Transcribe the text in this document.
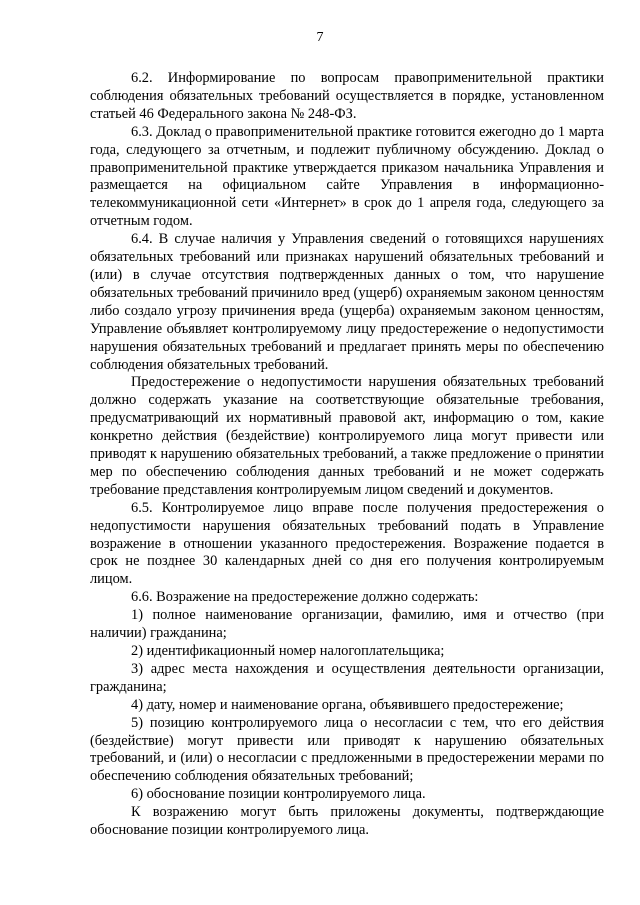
7

6.2. Информирование по вопросам правоприменительной практики соблюдения обязательных требований осуществляется в порядке, установленном статьей 46 Федерального закона № 248-ФЗ.

6.3. Доклад о правоприменительной практике готовится ежегодно до 1 марта года, следующего за отчетным, и подлежит публичному обсуждению. Доклад о правоприменительной практике утверждается приказом начальника Управления и размещается на официальном сайте Управления в информационно-телекоммуникационной сети «Интернет» в срок до 1 апреля года, следующего за отчетным годом.

6.4. В случае наличия у Управления сведений о готовящихся нарушениях обязательных требований или признаках нарушений обязательных требований и (или) в случае отсутствия подтвержденных данных о том, что нарушение обязательных требований причинило вред (ущерб) охраняемым законом ценностям либо создало угрозу причинения вреда (ущерба) охраняемым законом ценностям, Управление объявляет контролируемому лицу предостережение о недопустимости нарушения обязательных требований и предлагает принять меры по обеспечению соблюдения обязательных требований.

Предостережение о недопустимости нарушения обязательных требований должно содержать указание на соответствующие обязательные требования, предусматривающий их нормативный правовой акт, информацию о том, какие конкретно действия (бездействие) контролируемого лица могут привести или приводят к нарушению обязательных требований, а также предложение о принятии мер по обеспечению соблюдения данных требований и не может содержать требование представления контролируемым лицом сведений и документов.

6.5. Контролируемое лицо вправе после получения предостережения о недопустимости нарушения обязательных требований подать в Управление возражение в отношении указанного предостережения. Возражение подается в срок не позднее 30 календарных дней со дня его получения контролируемым лицом.

6.6. Возражение на предостережение должно содержать:

1) полное наименование организации, фамилию, имя и отчество (при наличии) гражданина;

2) идентификационный номер налогоплательщика;

3) адрес места нахождения и осуществления деятельности организации, гражданина;

4) дату, номер и наименование органа, объявившего предостережение;

5) позицию контролируемого лица о несогласии с тем, что его действия (бездействие) могут привести или приводят к нарушению обязательных требований, и (или) о несогласии с предложенными в предостережении мерами по обеспечению соблюдения обязательных требований;

6) обоснование позиции контролируемого лица.

К возражению могут быть приложены документы, подтверждающие обоснование позиции контролируемого лица.
